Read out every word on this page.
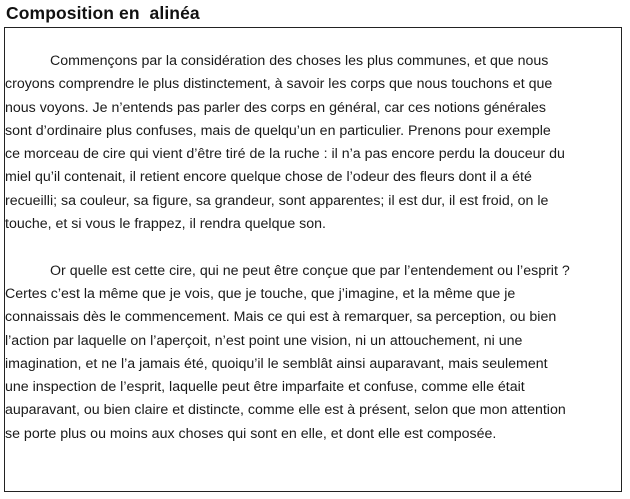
Composition en  alinéa

Commençons par la considération des choses les plus communes, et que nous
croyons comprendre le plus distinctement, à savoir les corps que nous touchons et que
nous voyons. Je n’entends pas parler des corps en général, car ces notions générales
sont d’ordinaire plus confuses, mais de quelqu’un en particulier. Prenons pour exemple
ce morceau de cire qui vient d’être tiré de la ruche : il n’a pas encore perdu la douceur du
miel qu’il contenait, il retient encore quelque chose de l’odeur des fleurs dont il a été
recueilli; sa couleur, sa figure, sa grandeur, sont apparentes; il est dur, il est froid, on le
touche, et si vous le frappez, il rendra quelque son.

Or quelle est cette cire, qui ne peut être conçue que par l’entendement ou l’esprit ?
Certes c’est la même que je vois, que je touche, que j’imagine, et la même que je
connaissais dès le commencement. Mais ce qui est à remarquer, sa perception, ou bien
l’action par laquelle on l’aperçoit, n’est point une vision, ni un attouchement, ni une
imagination, et ne l’a jamais été, quoiqu’il le semblât ainsi auparavant, mais seulement
une inspection de l’esprit, laquelle peut être imparfaite et confuse, comme elle était
auparavant, ou bien claire et distincte, comme elle est à présent, selon que mon attention
se porte plus ou moins aux choses qui sont en elle, et dont elle est composée.
